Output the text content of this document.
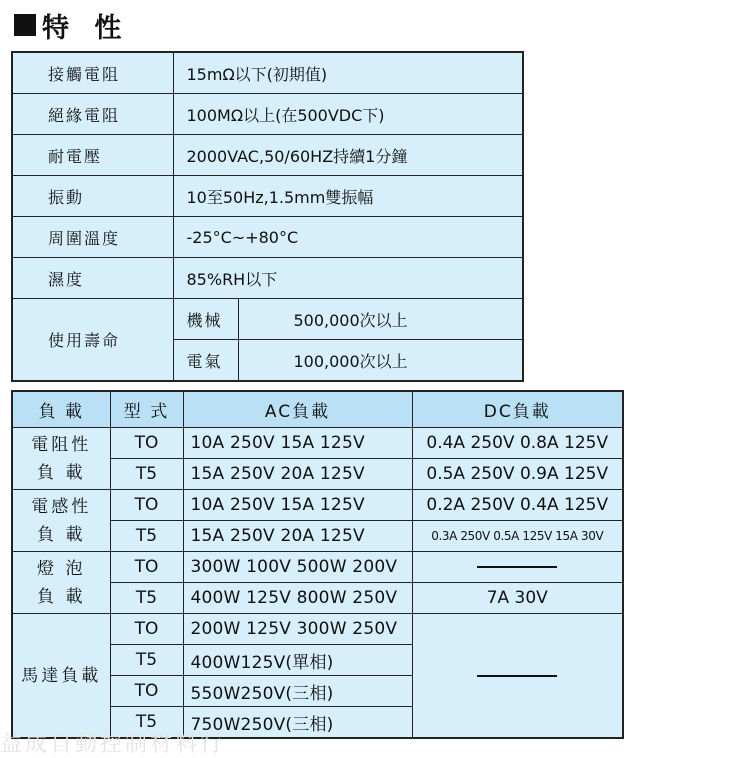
特 性
接觸電阻	15mΩ以下(初期值)	
絕緣電阻	100MΩ以上(在500VDC下)	
耐電壓	2000VAC,50/60HZ持續1分鐘	
振動	10至50Hz,1.5mm雙振幅	
周圍溫度	-25°C~+80°C	
濕度	85%RH以下	
使用壽命	機械	500,000次以上
	電氣	100,000次以上
負 載	型 式	AC負載	DC負載

電阻性
負 載	TO	10A 250V 15A 125V	0.4A 250V 0.8A 125V
	T5	15A 250V 20A 125V	0.5A 250V 0.9A 125V

電感性
負 載	TO	10A 250V 15A 125V	0.2A 250V 0.4A 125V
	T5	15A 250V 20A 125V	0.3A 250V 0.5A 125V 15A 30V

燈 泡
負 載	TO	300W 100V 500W 200V	
	T5	400W 125V 800W 250V	7A 30V

馬達負載	TO	200W 125V 300W 250V	
	T5	400W125V(單相)	
	TO	550W250V(三相)	
	T5	750W250V(三相)	
益成自動控制材料行
